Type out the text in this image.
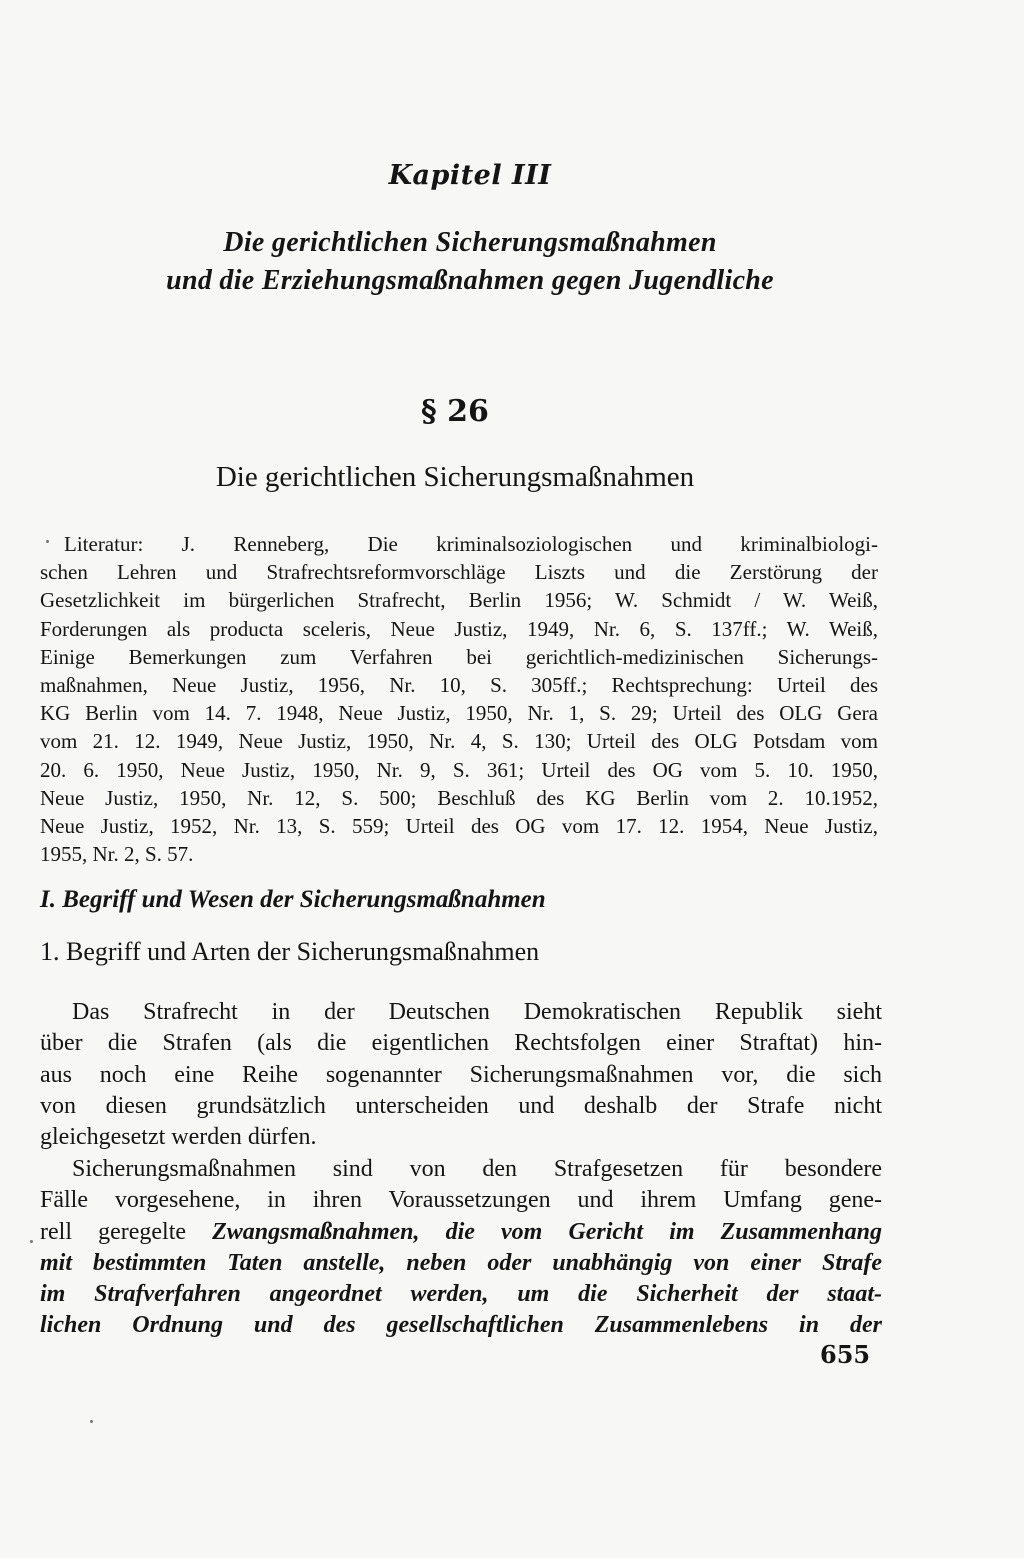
Kapitel III

Die gerichtlichen Sicherungsmaßnahmen

und die Erziehungsmaßnahmen gegen Jugendliche

§ 26

Die gerichtlichen Sicherungsmaßnahmen

Literatur: J. Renneberg, Die kriminalsoziologischen und kriminalbiologi-
schen Lehren und Strafrechtsreformvorschläge Liszts und die Zerstörung der
Gesetzlichkeit im bürgerlichen Strafrecht, Berlin 1956; W. Schmidt / W. Weiß,
Forderungen als producta sceleris, Neue Justiz, 1949, Nr. 6, S. 137ff.; W. Weiß,
Einige Bemerkungen zum Verfahren bei gerichtlich-medizinischen Sicherungs-
maßnahmen, Neue Justiz, 1956, Nr. 10, S. 305ff.; Rechtsprechung: Urteil des
KG Berlin vom 14. 7. 1948, Neue Justiz, 1950, Nr. 1, S. 29; Urteil des OLG Gera
vom 21. 12. 1949, Neue Justiz, 1950, Nr. 4, S. 130; Urteil des OLG Potsdam vom
20. 6. 1950, Neue Justiz, 1950, Nr. 9, S. 361; Urteil des OG vom 5. 10. 1950,
Neue Justiz, 1950, Nr. 12, S. 500; Beschluß des KG Berlin vom 2. 10.1952,
Neue Justiz, 1952, Nr. 13, S. 559; Urteil des OG vom 17. 12. 1954, Neue Justiz,
1955, Nr. 2, S. 57.

I. Begriff und Wesen der Sicherungsmaßnahmen

1. Begriff und Arten der Sicherungsmaßnahmen

Das Strafrecht in der Deutschen Demokratischen Republik sieht
über die Strafen (als die eigentlichen Rechtsfolgen einer Straftat) hin-
aus noch eine Reihe sogenannter Sicherungsmaßnahmen vor, die sich
von diesen grundsätzlich unterscheiden und deshalb der Strafe nicht
gleichgesetzt werden dürfen.
Sicherungsmaßnahmen sind von den Strafgesetzen für besondere
Fälle vorgesehene, in ihren Voraussetzungen und ihrem Umfang gene-
rell geregelte Zwangsmaßnahmen, die vom Gericht im Zusammenhang
mit bestimmten Taten anstelle, neben oder unabhängig von einer Strafe
im Strafverfahren angeordnet werden, um die Sicherheit der staat-
lichen Ordnung und des gesellschaftlichen Zusammenlebens in der

655
